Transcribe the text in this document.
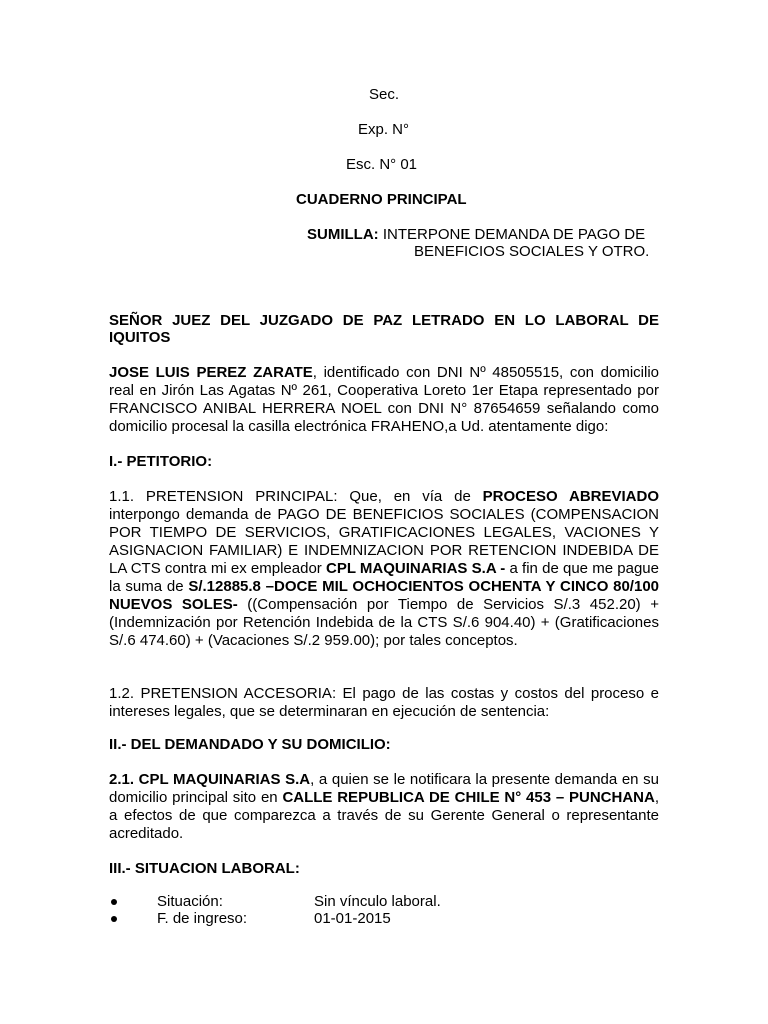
Sec.
Exp. N°
Esc. N° 01
CUADERNO PRINCIPAL
SUMILLA: INTERPONE DEMANDA DE PAGO DE
BENEFICIOS SOCIALES Y OTRO.
SEÑOR JUEZ DEL JUZGADO DE PAZ LETRADO EN LO LABORAL DE
IQUITOS
JOSE LUIS PEREZ ZARATE, identificado con DNI Nº 48505515, con domicilio real en Jirón Las Agatas Nº 261, Cooperativa Loreto 1er Etapa representado por FRANCISCO ANIBAL HERRERA NOEL con DNI N° 87654659 señalando como domicilio procesal la casilla electrónica FRAHENO,a Ud. atentamente digo:
I.- PETITORIO:
1.1. PRETENSION PRINCIPAL: Que, en vía de PROCESO ABREVIADO interpongo demanda de PAGO DE BENEFICIOS SOCIALES (COMPENSACION POR TIEMPO DE SERVICIOS, GRATIFICACIONES LEGALES, VACIONES Y ASIGNACION FAMILIAR) E INDEMNIZACION POR RETENCION INDEBIDA DE LA CTS contra mi ex empleador CPL MAQUINARIAS S.A - a fin de que me pague la suma de S/.12885.8 –DOCE MIL OCHOCIENTOS OCHENTA Y CINCO 80/100 NUEVOS SOLES- ((Compensación por Tiempo de Servicios S/.3 452.20) + (Indemnización por Retención Indebida de la CTS S/.6 904.40) + (Gratificaciones S/.6 474.60) + (Vacaciones S/.2 959.00); por tales conceptos.
1.2. PRETENSION ACCESORIA: El pago de las costas y costos del proceso e intereses legales, que se determinaran en ejecución de sentencia:
II.- DEL DEMANDADO Y SU DOMICILIO:
2.1. CPL MAQUINARIAS S.A, a quien se le notificara la presente demanda en su domicilio principal sito en CALLE REPUBLICA DE CHILE N° 453 – PUNCHANA, a efectos de que comparezca a través de su Gerente General o representante acreditado.
III.- SITUACION LABORAL:
Situación:	Sin vínculo laboral.
F. de ingreso:	01-01-2015
